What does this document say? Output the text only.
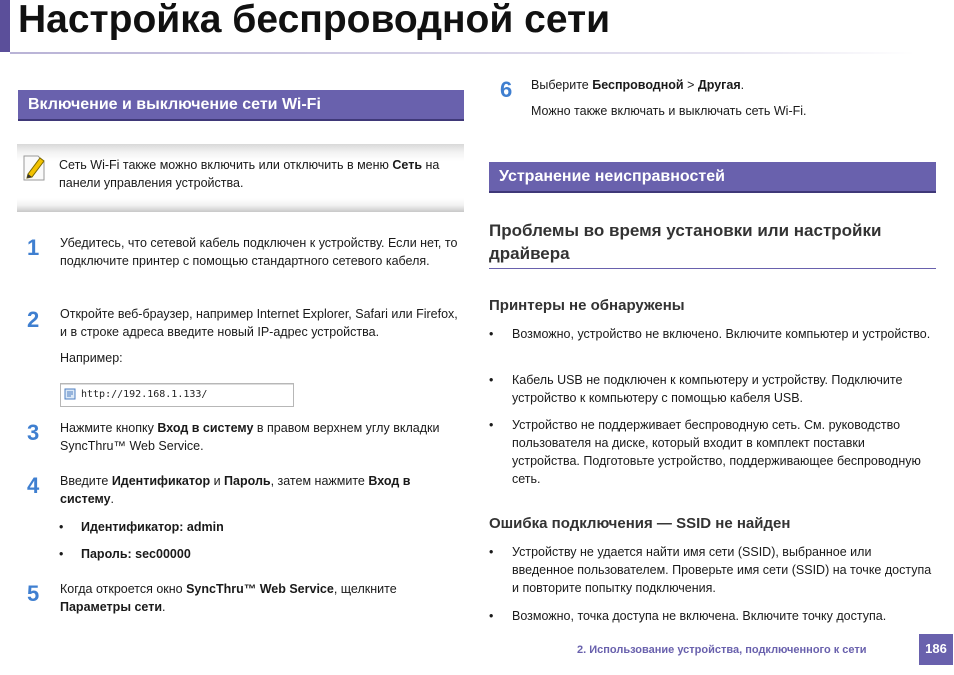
Настройка беспроводной сети
Включение и выключение сети Wi-Fi
Сеть Wi-Fi также можно включить или отключить в меню Сеть на панели управления устройства.
1 Убедитесь, что сетевой кабель подключен к устройству. Если нет, то подключите принтер с помощью стандартного сетевого кабеля.
2 Откройте веб-браузер, например Internet Explorer, Safari или Firefox, и в строке адреса введите новый IP-адрес устройства.
Например:
http://192.168.1.133/
3 Нажмите кнопку Вход в систему в правом верхнем углу вкладки SyncThru™ Web Service.
4 Введите Идентификатор и Пароль, затем нажмите Вход в систему.
• Идентификатор: admin
• Пароль: sec00000
5 Когда откроется окно SyncThru™ Web Service, щелкните Параметры сети.
6 Выберите Беспроводной > Другая.
Можно также включать и выключать сеть Wi-Fi.
Устранение неисправностей
Проблемы во время установки или настройки драйвера
Принтеры не обнаружены
• Возможно, устройство не включено. Включите компьютер и устройство.
• Кабель USB не подключен к компьютеру и устройству. Подключите устройство к компьютеру с помощью кабеля USB.
• Устройство не поддерживает беспроводную сеть. См. руководство пользователя на диске, который входит в комплект поставки устройства. Подготовьте устройство, поддерживающее беспроводную сеть.
Ошибка подключения — SSID не найден
• Устройству не удается найти имя сети (SSID), выбранное или введенное пользователем. Проверьте имя сети (SSID) на точке доступа и повторите попытку подключения.
• Возможно, точка доступа не включена. Включите точку доступа.
2. Использование устройства, подключенного к сети	186
